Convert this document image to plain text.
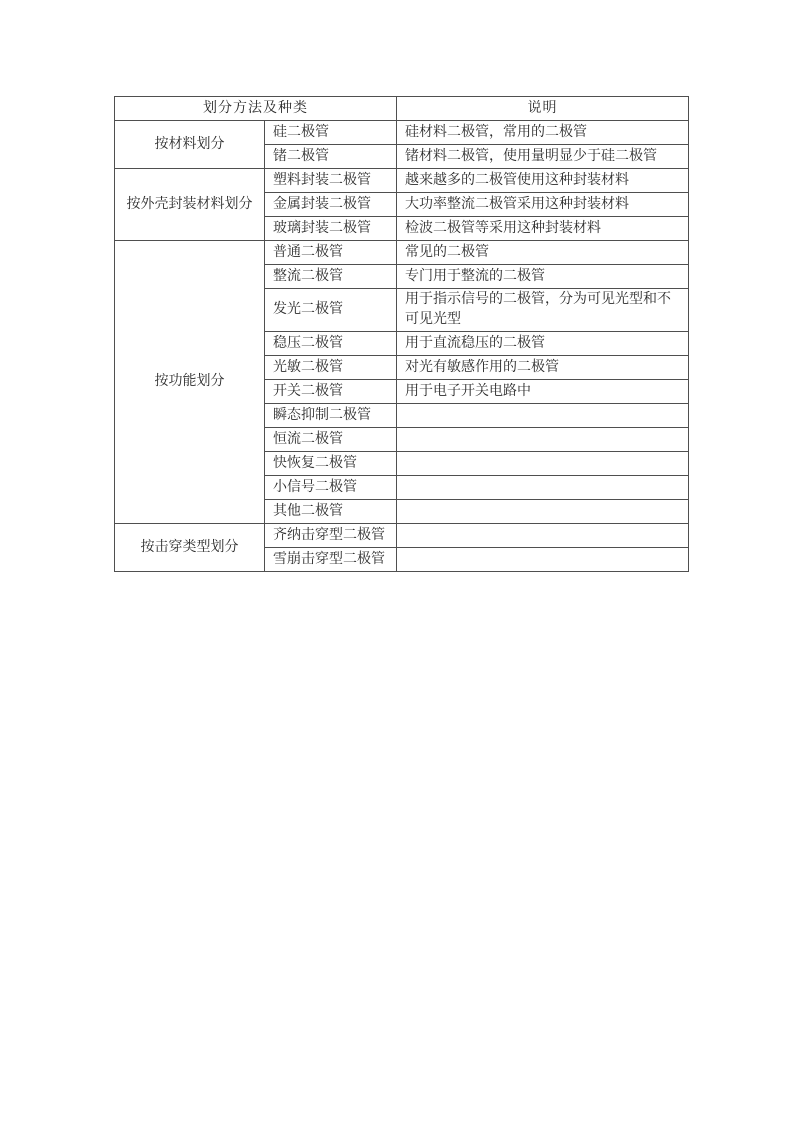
划分方法及种类		说明
按材料划分	硅二极管	硅材料二极管，常用的二极管
	锗二极管	锗材料二极管，使用量明显少于硅二极管
按外壳封装材料划分	塑料封装二极管	越来越多的二极管使用这种封装材料
	金属封装二极管	大功率整流二极管采用这种封装材料
	玻璃封装二极管	检波二极管等采用这种封装材料
按功能划分	普通二极管	常见的二极管
	整流二极管	专门用于整流的二极管
	发光二极管	用于指示信号的二极管，分为可见光型和不可见光型
	稳压二极管	用于直流稳压的二极管
	光敏二极管	对光有敏感作用的二极管
	开关二极管	用于电子开关电路中
	瞬态抑制二极管	
	恒流二极管	
	快恢复二极管	
	小信号二极管	
	其他二极管	
按击穿类型划分	齐纳击穿型二极管	
	雪崩击穿型二极管	
